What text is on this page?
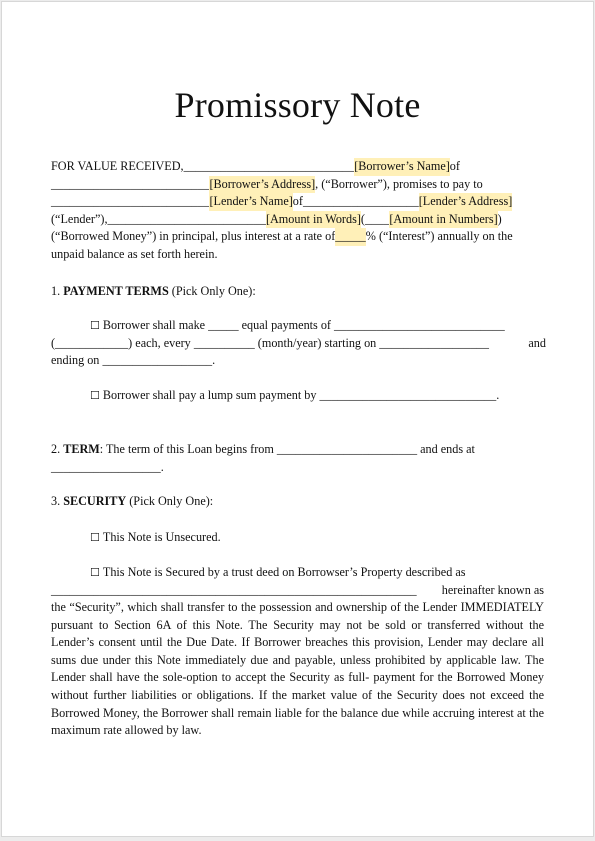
Promissory Note
FOR VALUE RECEIVED, ____________________________ [Borrower’s Name] of
__________________________ [Borrower’s Address] , (“Borrower”), promises to pay to
__________________________ [Lender’s Name] of ___________________ [Lender’s Address]
(“Lender”), __________________________ [Amount in Words] ( ____ [Amount in Numbers] )
(“Borrowed Money”) in principal, plus interest at a rate of _____ % (“Interest”) annually on the
unpaid balance as set forth herein.
1. PAYMENT TERMS (Pick Only One):
☐ Borrower shall make _____ equal payments of ____________________________
(____________) each, every __________ (month/year) starting on __________________	and
ending on __________________.
☐ Borrower shall pay a lump sum payment by _____________________________.
2. TERM: The term of this Loan begins from _______________________ and ends at
__________________.
3. SECURITY (Pick Only One):
☐ This Note is Unsecured.
☐ This Note is Secured by a trust deed on Borrowser’s Property described as
____________________________________________________________ hereinafter known as
the “Security”, which shall transfer to the possession and ownership of the Lender IMMEDIATELY pursuant to Section 6A of this Note. The Security may not be sold or transferred without the Lender’s consent until the Due Date. If Borrower breaches this provision, Lender may declare all sums due under this Note immediately due and payable, unless prohibited by applicable law. The Lender shall have the sole-option to accept the Security as full- payment for the Borrowed Money without further liabilities or obligations. If the market value of the Security does not exceed the Borrowed Money, the Borrower shall remain liable for the balance due while accruing interest at the maximum rate allowed by law.
